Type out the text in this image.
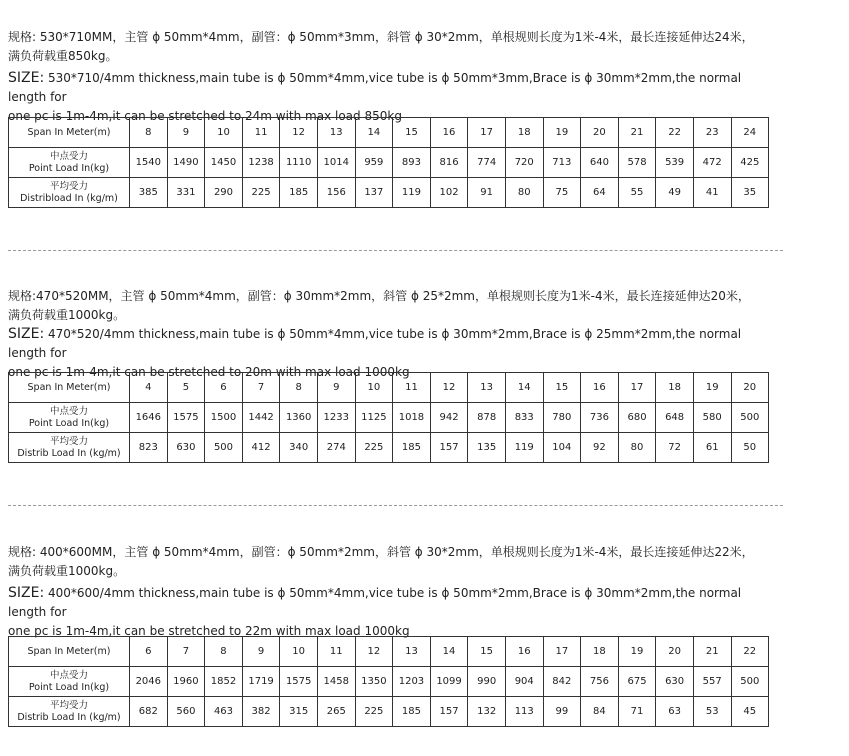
规格: 530*710MM，主管 ϕ 50mm*4mm，副管：ϕ 50mm*3mm，斜管 ϕ 30*2mm，单根规则长度为1米-4米，最长连接延伸达24米，

满负荷载重850kg。

SIZE: 530*710/4mm thickness,main tube is ϕ 50mm*4mm,vice tube is ϕ 50mm*3mm,Brace is ϕ 30mm*2mm,the normal length for

one pc is 1m-4m,it can be stretched to 24m with max load 850kg

Span In Meter(m)	8	9	10	11	12	13	14	15	16	17	18	19	20	21	22	23	24

中点受力
Point Load In(kg)	1540	1490	1450	1238	1110	1014	959	893	816	774	720	713	640	578	539	472	425

平均受力
Distribload In (kg/m)	385	331	290	225	185	156	137	119	102	91	80	75	64	55	49	41	35

规格:470*520MM，主管 ϕ 50mm*4mm，副管：ϕ 30mm*2mm，斜管 ϕ 25*2mm，单根规则长度为1米-4米，最长连接延伸达20米，

满负荷载重1000kg。

SIZE: 470*520/4mm thickness,main tube is ϕ 50mm*4mm,vice tube is ϕ 30mm*2mm,Brace is ϕ 25mm*2mm,the normal length for

one pc is 1m-4m,it can be stretched to 20m with max load 1000kg

Span In Meter(m)	4	5	6	7	8	9	10	11	12	13	14	15	16	17	18	19	20

中点受力
Point Load In(kg)	1646	1575	1500	1442	1360	1233	1125	1018	942	878	833	780	736	680	648	580	500

平均受力
Distrib Load In (kg/m)	823	630	500	412	340	274	225	185	157	135	119	104	92	80	72	61	50

规格: 400*600MM，主管 ϕ 50mm*4mm，副管：ϕ 50mm*2mm，斜管 ϕ 30*2mm，单根规则长度为1米-4米，最长连接延伸达22米，

满负荷载重1000kg。

SIZE: 400*600/4mm thickness,main tube is ϕ 50mm*4mm,vice tube is ϕ 50mm*2mm,Brace is ϕ 30mm*2mm,the normal length for

one pc is 1m-4m,it can be stretched to 22m with max load 1000kg

Span In Meter(m)	6	7	8	9	10	11	12	13	14	15	16	17	18	19	20	21	22

中点受力
Point Load In(kg)	2046	1960	1852	1719	1575	1458	1350	1203	1099	990	904	842	756	675	630	557	500

平均受力
Distrib Load In (kg/m)	682	560	463	382	315	265	225	185	157	132	113	99	84	71	63	53	45
